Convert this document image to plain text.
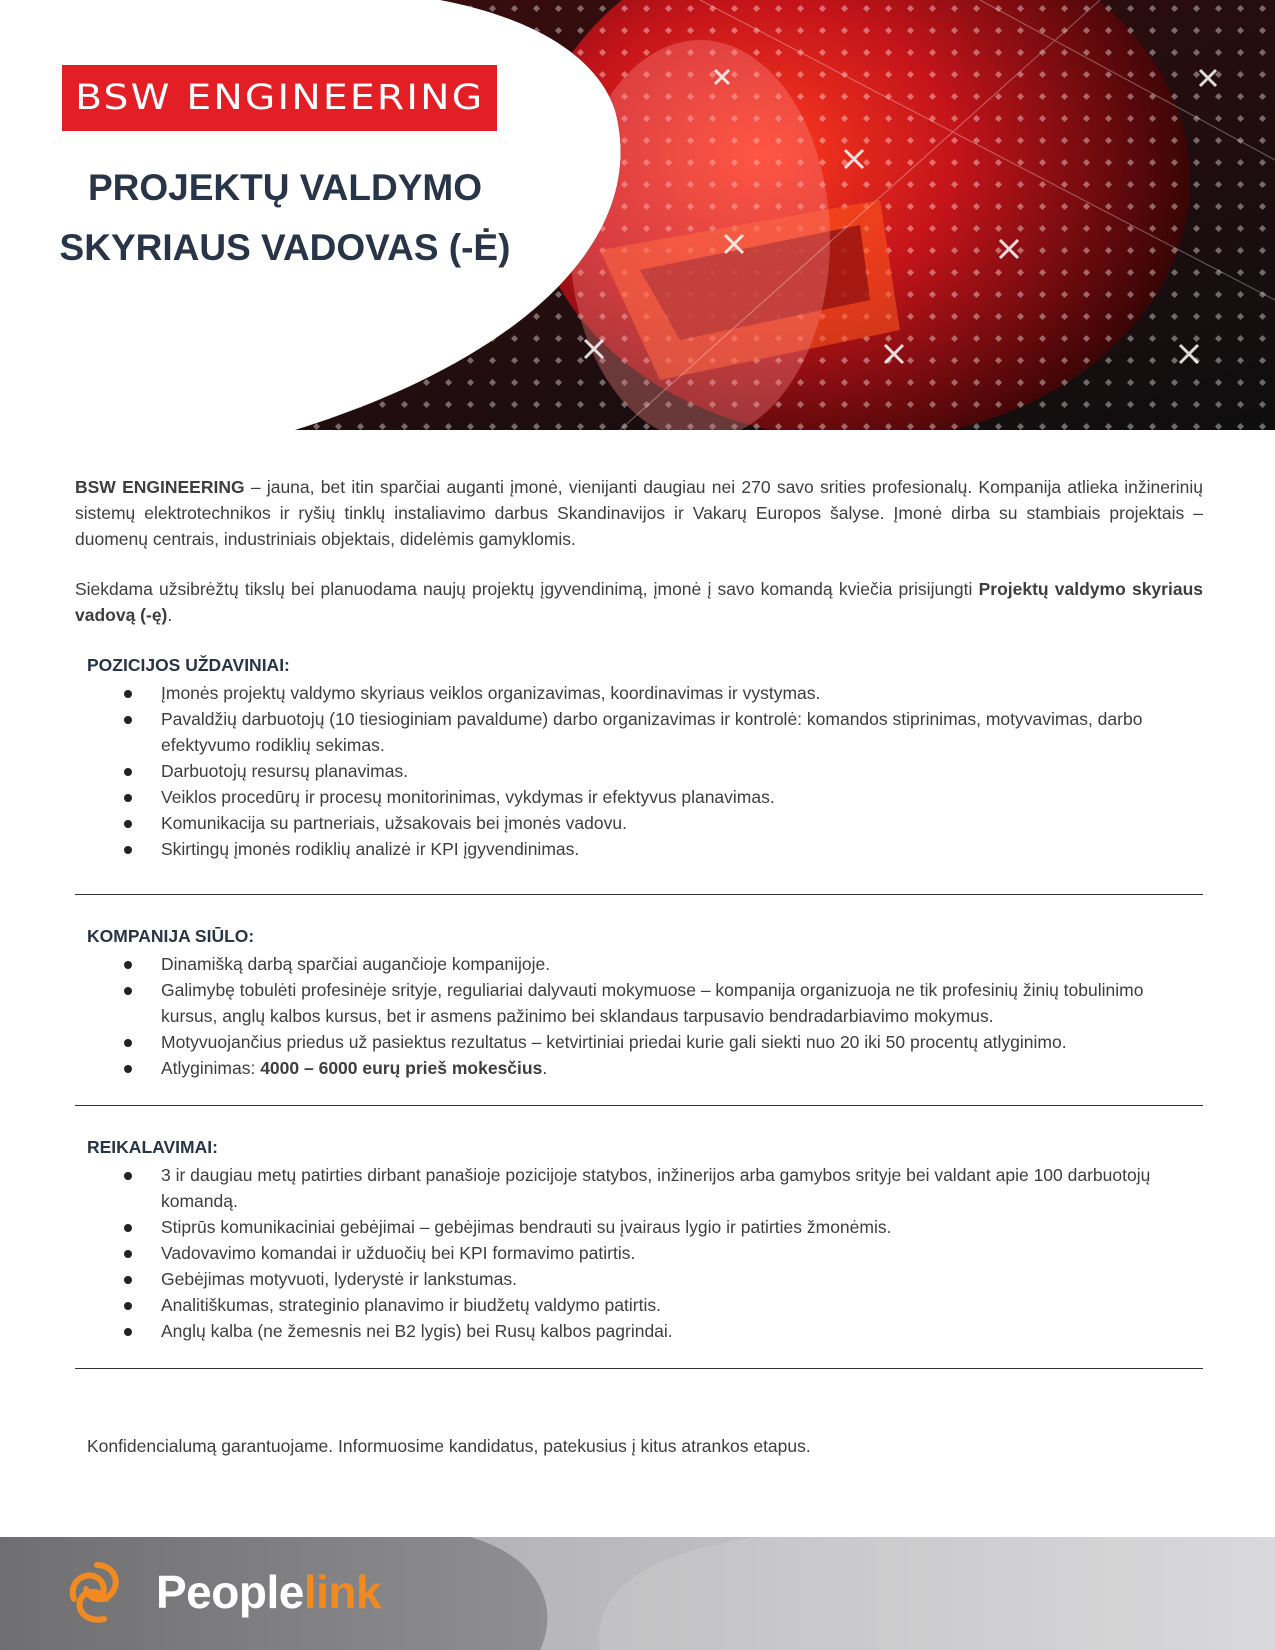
BSW ENGINEERING
PROJEKTŲ VALDYMO
SKYRIAUS VADOVAS (-Ė)

BSW ENGINEERING – jauna, bet itin sparčiai auganti įmonė, vienijanti daugiau nei 270 savo srities profesionalų. Kompanija atlieka inžinerinių sistemų elektrotechnikos ir ryšių tinklų instaliavimo darbus Skandinavijos ir Vakarų Europos šalyse. Įmonė dirba su stambiais projektais – duomenų centrais, industriniais objektais, didelėmis gamyklomis.

Siekdama užsibrėžtų tikslų bei planuodama naujų projektų įgyvendinimą, įmonė į savo komandą kviečia prisijungti Projektų valdymo skyriaus vadovą (-ę).

POZICIJOS UŽDAVINIAI:
Įmonės projektų valdymo skyriaus veiklos organizavimas, koordinavimas ir vystymas.
Pavaldžių darbuotojų (10 tiesioginiam pavaldume) darbo organizavimas ir kontrolė: komandos stiprinimas, motyvavimas, darbo efektyvumo rodiklių sekimas.
Darbuotojų resursų planavimas.
Veiklos procedūrų ir procesų monitorinimas, vykdymas ir efektyvus planavimas.
Komunikacija su partneriais, užsakovais bei įmonės vadovu.
Skirtingų įmonės rodiklių analizė ir KPI įgyvendinimas.
KOMPANIJA SIŪLO:
Dinamišką darbą sparčiai augančioje kompanijoje.
Galimybę tobulėti profesinėje srityje, reguliariai dalyvauti mokymuose – kompanija organizuoja ne tik profesinių žinių tobulinimo kursus, anglų kalbos kursus, bet ir asmens pažinimo bei sklandaus tarpusavio bendradarbiavimo mokymus.
Motyvuojančius priedus už pasiektus rezultatus – ketvirtiniai priedai kurie gali siekti nuo 20 iki 50 procentų atlyginimo.
Atlyginimas: 4000 – 6000 eurų prieš mokesčius.
REIKALAVIMAI:
3 ir daugiau metų patirties dirbant panašioje pozicijoje statybos, inžinerijos arba gamybos srityje bei valdant apie 100 darbuotojų komandą.
Stiprūs komunikaciniai gebėjimai – gebėjimas bendrauti su įvairaus lygio ir patirties žmonėmis.
Vadovavimo komandai ir užduočių bei KPI formavimo patirtis.
Gebėjimas motyvuoti, lyderystė ir lankstumas.
Analitiškumas, strateginio planavimo ir biudžetų valdymo patirtis.
Anglų kalba (ne žemesnis nei B2 lygis) bei Rusų kalbos pagrindai.

Konfidencialumą garantuojame. Informuosime kandidatus, patekusius į kitus atrankos etapus.

Peoplelink
